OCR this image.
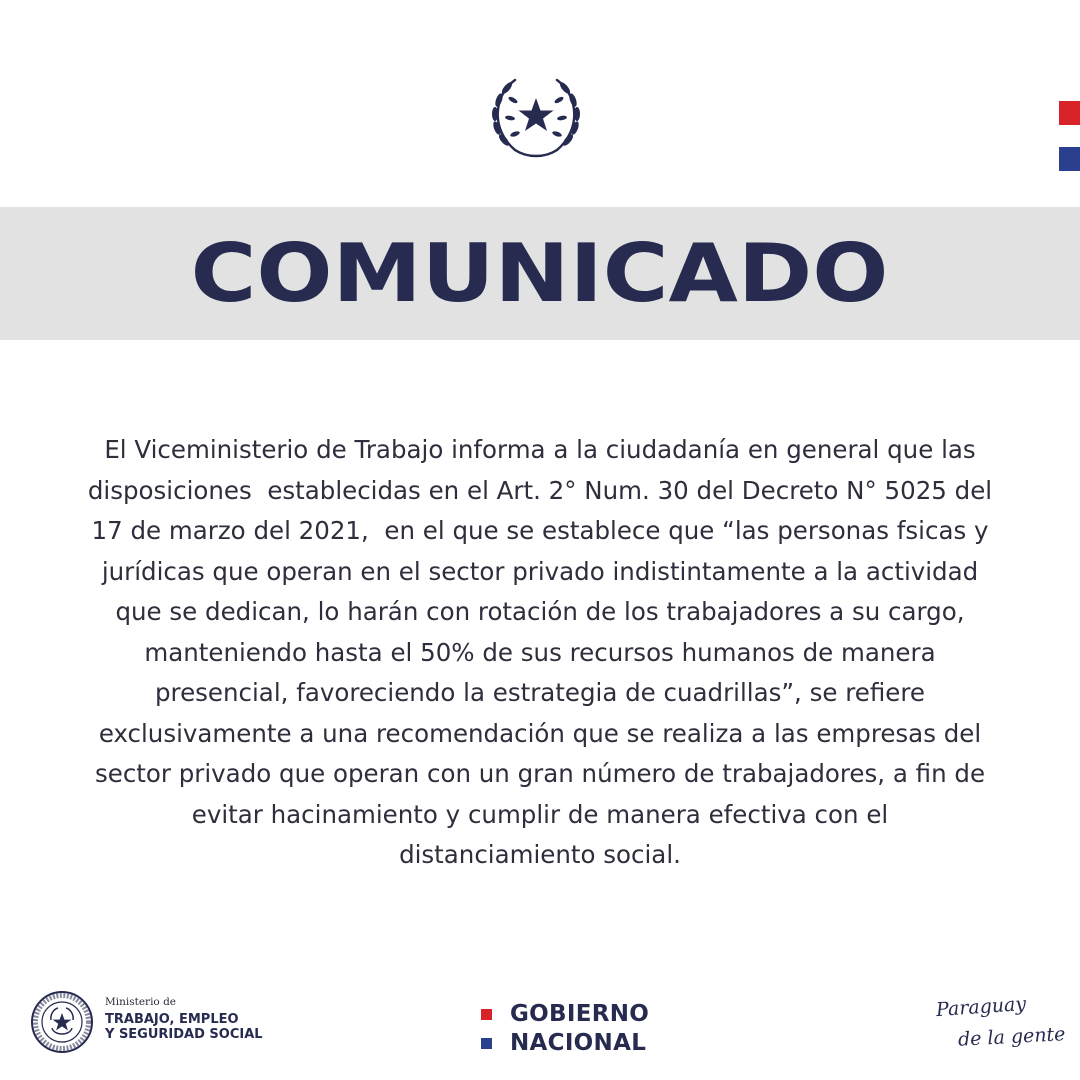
COMUNICADO

El Viceministerio de Trabajo informa a la ciudadanía en general que las
disposiciones  establecidas en el Art. 2° Num. 30 del Decreto N° 5025 del
17 de marzo del 2021,  en el que se establece que “las personas fsicas y
jurídicas que operan en el sector privado indistintamente a la actividad
que se dedican, lo harán con rotación de los trabajadores a su cargo,
manteniendo hasta el 50% de sus recursos humanos de manera
presencial, favoreciendo la estrategia de cuadrillas”, se refiere
exclusivamente a una recomendación que se realiza a las empresas del
sector privado que operan con un gran número de trabajadores, a fin de
evitar hacinamiento y cumplir de manera efectiva con el
distanciamiento social.

Ministerio de
TRABAJO, EMPLEO
Y SEGURIDAD SOCIAL
GOBIERNO
NACIONAL
Paraguay
de la gente
